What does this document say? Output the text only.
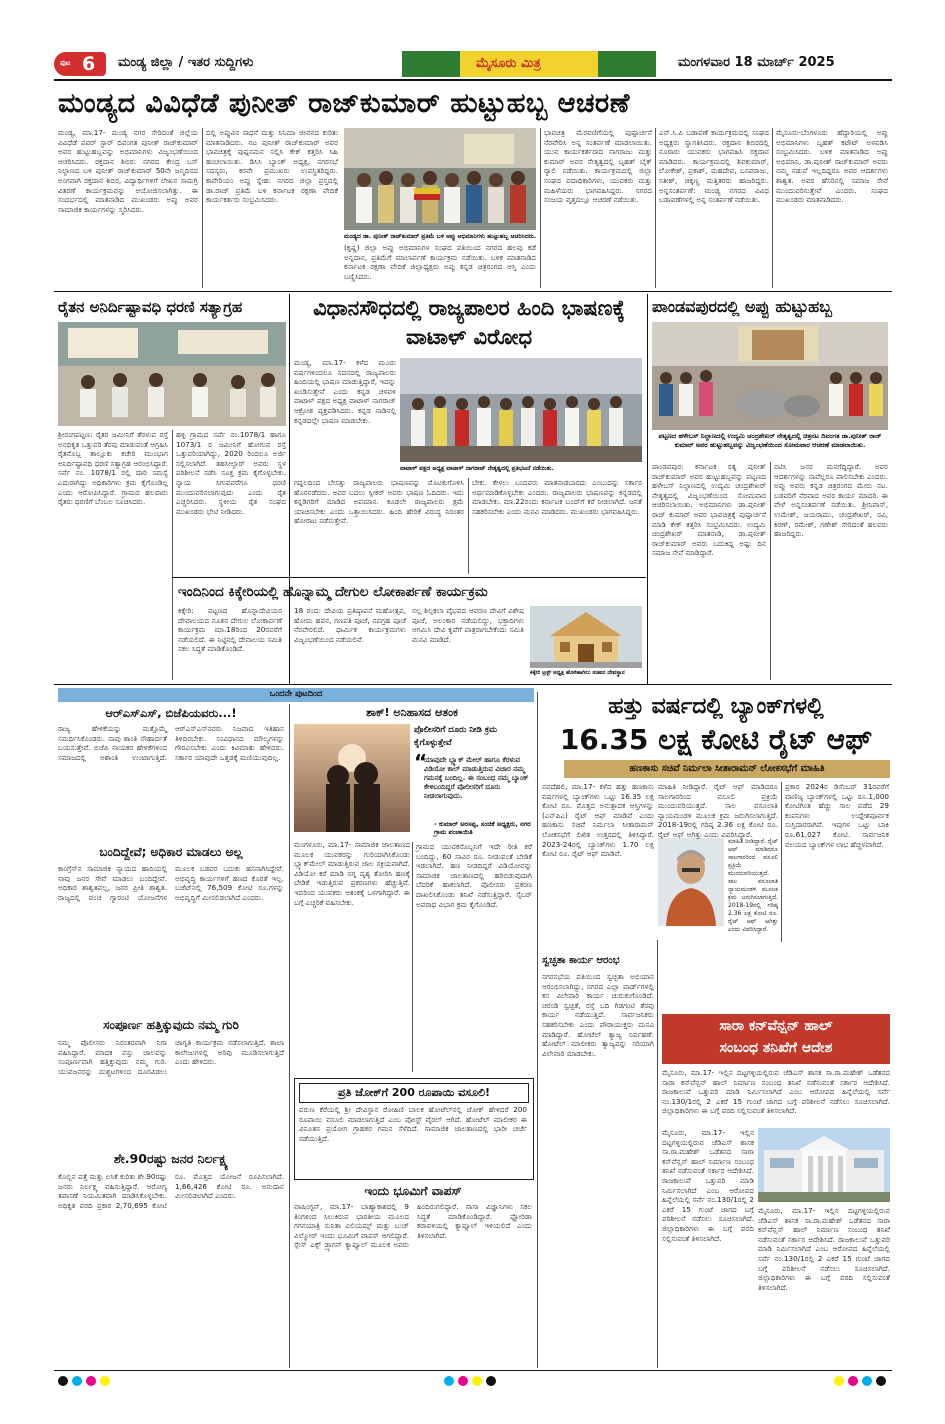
ಪುಟ 6 ಮಂಡ್ಯ ಜಿಲ್ಲಾ / ಇತರ ಸುದ್ದಿಗಳು	ಮೈಸೂರು ಮಿತ್ರ	ಮಂಗಳವಾರ 18 ಮಾರ್ಚ್ 2025
ಮಂಡ್ಯದ ವಿವಿಧೆಡೆ ಪುನೀತ್ ರಾಜ್‌ಕುಮಾರ್ ಹುಟ್ಟುಹಬ್ಬ ಆಚರಣೆ
ಮಂಡ್ಯ, ಮಾ.17- ಮಂಡ್ಯ ನಗರ ಸೇರಿದಂತೆ ಜಿಲ್ಲೆಯ ವಿವಿಧೆಡೆ ಪವರ್ ಸ್ಟಾರ್ ದಿವಂಗತ ಪುನೀತ್ ರಾಜ್‌ಕುಮಾರ್ ಅವರ ಹುಟ್ಟುಹಬ್ಬವನ್ನು ಅಭಿಮಾನಿಗಳು ವಿಜೃಂಭಣೆಯಿಂದ ಆಚರಿಸಿದರು. ರಕ್ತದಾನ ಶಿಬಿರ: ನಗರದ ಕೇಂದ್ರ ಬಸ್ ನಿಲ್ದಾಣದ ಬಳಿ ಪುನೀತ್ ರಾಜ್‌ಕುಮಾರ್ 50ನೇ ಜನ್ಮದಿನದ ಅಂಗವಾಗಿ ರಕ್ತದಾನ ಶಿಬಿರ, ವಿದ್ಯಾರ್ಥಿಗಳಿಗೆ ಲೇಖನ ಸಾಮಗ್ರಿ ವಿತರಣೆ ಕಾರ್ಯಕ್ರಮವನ್ನು ಆಯೋಜಿಸಲಾಗಿತ್ತು. ಈ ಸಂದರ್ಭದಲ್ಲಿ ಮಾತನಾಡಿದ ಮುಖಂಡರು ಅಪ್ಪು ಅವರ ಸಾಮಾಜಿಕ ಕಾರ್ಯಗಳನ್ನು ಸ್ಮರಿಸಿದರು.
ದಲ್ಲಿ ಅಪ್ಪುವಿನ ಸಾಧನೆ ಮತ್ತು ಸಿನಿಮಾ ಜೀವನದ ಕುರಿತು ಮಾತನಾಡಿದರು. ನಟ ಪುನೀತ್ ರಾಜ್‌ಕುಮಾರ್ ಅವರ ಭಾವಚಿತ್ರಕ್ಕೆ ಪುಷ್ಪನಮನ ಸಲ್ಲಿಸಿ ಕೇಕ್ ಕತ್ತರಿಸಿ ಸಿಹಿ ಹಂಚಲಾಯಿತು. ಡಿಸಿಸಿ ಬ್ಯಾಂಕ್ ಅಧ್ಯಕ್ಷ, ನಗರಸಭೆ ಸದಸ್ಯರು, ಕರವೇ ಪ್ರಮುಖರು ಉಪಸ್ಥಿತರಿದ್ದರು. ಕಾವೇರಿಯಂ ಅಪ್ಪು ಸ್ನೇಹ: ನಗರದ ಜಿಲ್ಲಾ ಪ್ರಸ್ತದಲ್ಲಿ ಡಾ.ರಾಜ್ ಪ್ರತಿಮೆ ಬಳಿ ಕರ್ನಾಟಕ ರಕ್ಷಣಾ ವೇದಿಕೆ ಕಾರ್ಯಕರ್ತರು ಸಂಭ್ರಮಿಸಿದರು.
ಮಂಡ್ಯದ ಡಾ. ಪುನೀತ್ ರಾಜ್‌ಕುಮಾರ್ ಪ್ರತಿಮೆ ಬಳಿ ಅಪ್ಪು ಅಭಿಮಾನಿಗಳು ಹುಟ್ಟುಹಬ್ಬ ಆಚರಿಸಿದರು.
(ಕೃಷ್ಣ) ಜಿಲ್ಲಾ ಅಪ್ಪು ಅಭಿಮಾನಿಗಳ ಸಂಘದ ವತಿಯಿಂದ ನಗರದ ಹಲವು ಕಡೆ ಅನ್ನದಾನ, ಪ್ರತಿಮೆಗೆ ಮಾಲಾರ್ಪಣೆ ಕಾರ್ಯಕ್ರಮ ನಡೆಯಿತು. ಬಳಿಕ ಮಾತನಾಡಿದ ಕರ್ನಾಟಕ ರಕ್ಷಣಾ ವೇದಿಕೆ ಜಿಲ್ಲಾಧ್ಯಕ್ಷರು ಅಪ್ಪು ಕನ್ನಡ ಚಿತ್ರರಂಗದ ಆಸ್ತಿ ಎಂದು ಬಣ್ಣಿಸಿದರು.
ಭಾವಚಿತ್ರ ಮೆರವಣಿಗೆಯಲ್ಲಿ ಪುಷ್ಪಾರ್ಚನೆ ನೆರವೇರಿಸಿ ಅನ್ನ ಸಂತರ್ಪಣೆ ಮಾಡಲಾಯಿತು. ಯುವ ಕಾರ್ಯಕರ್ತರಾದ ನಾಗರಾಜು ಮತ್ತು ಕುಮಾರ್ ಅವರ ನೇತೃತ್ವದಲ್ಲಿ ಬೃಹತ್ ಬೈಕ್ ರ್‍ಯಾಲಿ ನಡೆಯಿತು. ಕಾರ್ಯಕ್ರಮದಲ್ಲಿ ಜಿಲ್ಲಾ ಸಂಘದ ಪದಾಧಿಕಾರಿಗಳು, ಯುವಕರು ಮತ್ತು ಮಹಿಳೆಯರು ಭಾಗವಹಿಸಿದ್ದರು. ನಗರದ ಸಂಜಯ ವೃತ್ತದಲ್ಲೂ ಆಚರಣೆ ನಡೆಯಿತು.
ಎನ್.ಸಿ.ಪಿ ಬಡಾವಣೆ ಕಾರ್ಯಕ್ರಮದಲ್ಲಿ ಸಂಘದ ಅಧ್ಯಕ್ಷರು ಸ್ವಾಗತಿಸಿದರು. ರಕ್ತದಾನ ಶಿಬಿರದಲ್ಲಿ ನೂರಾರು ಯುವಕರು ಭಾಗವಹಿಸಿ ರಕ್ತದಾನ ಮಾಡಿದರು. ಕಾರ್ಯಕ್ರಮದಲ್ಲಿ ಶಿವಕುಮಾರ್, ಲೋಕೇಶ್, ಪ್ರಕಾಶ್, ಮಹದೇವ, ಬಸವರಾಜು, ಸತೀಶ್, ಚಿಕ್ಕಣ್ಣ ಮತ್ತಿತರರು ಹಾಜರಿದ್ದರು. ಅನ್ನಸಂತರ್ಪಣೆ: ಮಂಡ್ಯ ನಗರದ ವಿವಿಧ ಬಡಾವಣೆಗಳಲ್ಲಿ ಅನ್ನ ಸಂತರ್ಪಣೆ ನಡೆಯಿತು.
ಮೈಸೂರು-ಬೆಂಗಳೂರು ಹೆದ್ದಾರಿಯಲ್ಲಿ ಅಪ್ಪು ಅಭಿಮಾನಿಗಳು ಬೃಹತ್ ಕಟೌಟ್ ಅಳವಡಿಸಿ ಸಂಭ್ರಮಿಸಿದರು. ಬಳಿಕ ಮಾತನಾಡಿದ ಅಪ್ಪು ಅಭಿಮಾನಿ, ಡಾ.ಪುನೀತ್ ರಾಜ್‌ಕುಮಾರ್ ಅವರು ನಮ್ಮ ನಡುವೆ ಇಲ್ಲದಿದ್ದರೂ ಅವರ ಆದರ್ಶಗಳು ಶಾಶ್ವತ. ಅವರ ಹೆಸರಿನಲ್ಲಿ ಸಮಾಜ ಸೇವೆ ಮುಂದುವರಿಸುತ್ತೇವೆ ಎಂದರು. ಸಂಘದ ಮುಖಂಡರು ಮಾತನಾಡಿದರು.
ರೈತನ ಅನಿರ್ದಿಷ್ಟಾವಧಿ ಧರಣಿ ಸತ್ಯಾಗ್ರಹ
ಶ್ರೀರಂಗಪಟ್ಟಣ: ರೈತರ ಜಮೀನಿಗೆ ತೆರಳುವ ರಸ್ತೆ ಅನಧಿಕೃತ ಒತ್ತುವರಿ ತೆರವು ಮಾಡುವಂತೆ ಆಗ್ರಹಿಸಿ ರೈತನೊಬ್ಬ ತಾಲ್ಲೂಕು ಕಚೇರಿ ಮುಂಭಾಗ ಅನಿರ್ದಿಷ್ಟಾವಧಿ ಧರಣಿ ಸತ್ಯಾಗ್ರಹ ಆರಂಭಿಸಿದ್ದಾರೆ. ಸರ್ವೆ ನಂ. 1078/1 ರಲ್ಲಿ ದಾರಿ ಸಮಸ್ಯೆ ಎದುರಾಗಿದ್ದು ಅಧಿಕಾರಿಗಳು ಕ್ರಮ ಕೈಗೊಂಡಿಲ್ಲ ಎಂದು ಆರೋಪಿಸಿದ್ದಾರೆ. ಗ್ರಾಮದ ಹಲವಾರು ರೈತರು ಧರಣಿಗೆ ಬೆಂಬಲ ಸೂಚಿಸಿದರು.
ಹಳ್ಳಿ ಗ್ರಾಮದ ಸರ್ವೆ ನಂ.1078/1 ಹಾಗೂ 1073/1 ರ ಜಮೀನಿಗೆ ಹೋಗುವ ರಸ್ತೆ ಒತ್ತುವರಿಯಾಗಿದ್ದು, 2020 ರಿಂದಲೂ ಅರ್ಜಿ ಸಲ್ಲಿಸಲಾಗಿದೆ. ತಹಸೀಲ್ದಾರ್ ಅವರು ಸ್ಥಳ ಪರಿಶೀಲನೆ ನಡೆಸಿ ಸೂಕ್ತ ಕ್ರಮ ಕೈಗೊಳ್ಳಬೇಕು. ನ್ಯಾಯ ಸಿಗುವವರೆಗೂ ಧರಣಿ ಮುಂದುವರಿಸಲಾಗುವುದು ಎಂದು ರೈತ ಎಚ್ಚರಿಸಿದರು. ಸ್ಥಳೀಯ ರೈತ ಸಂಘದ ಮುಖಂಡರು ಭೇಟಿ ನೀಡಿದರು.
ವಿಧಾನಸೌಧದಲ್ಲಿ ರಾಜ್ಯಪಾಲರ ಹಿಂದಿ ಭಾಷಣಕ್ಕೆ ವಾಟಾಳ್ ವಿರೋಧ
ಮಂಡ್ಯ, ಮಾ.17- ಕಳೆದ ಮೂರು ವರ್ಷಗಳಿಂದಲೂ ಸದನದಲ್ಲಿ ರಾಜ್ಯಪಾಲರು ಹಿಂದಿಯಲ್ಲಿ ಭಾಷಣ ಮಾಡುತ್ತಿದ್ದಾರೆ, ಇದನ್ನು ಖಂಡಿಸುತ್ತೇವೆ ಎಂದು ಕನ್ನಡ ಚಳವಳಿ ವಾಟಾಳ್ ಪಕ್ಷದ ಅಧ್ಯಕ್ಷ ವಾಟಾಳ್ ನಾಗರಾಜ್ ಆಕ್ರೋಶ ವ್ಯಕ್ತಪಡಿಸಿದರು. ಕನ್ನಡ ನಾಡಿನಲ್ಲಿ ಕನ್ನಡದಲ್ಲೇ ಭಾಷಣ ಮಾಡಬೇಕು.
ವಾಟಾಳ್ ಪಕ್ಷದ ಅಧ್ಯಕ್ಷ ವಾಟಾಳ್ ನಾಗರಾಜ್ ನೇತೃತ್ವದಲ್ಲಿ ಪ್ರತಿಭಟನೆ ನಡೆಯಿತು.
ಗದ್ದಲದಿಂದ ಬೇಸತ್ತು ರಾಜ್ಯಪಾಲರು ಭಾಷಣವನ್ನು ಮೊಟಕುಗೊಳಿಸಿ ಹೊರನಡೆದರು. ಅವರ ಬದಲು ಸ್ಪೀಕರ್ ಅವರು ಭಾಷಣ ಓದಿದರು. ಇದು ಕನ್ನಡಿಗರಿಗೆ ಮಾಡಿದ ಅಪಮಾನ. ಕೂಡಲೇ ರಾಜ್ಯಪಾಲರು ಕ್ಷಮೆ ಯಾಚಿಸಬೇಕು ಎಂದು ಒತ್ತಾಯಿಸಿದರು. ಹಿಂದಿ ಹೇರಿಕೆ ವಿರುದ್ಧ ನಿರಂತರ ಹೋರಾಟ ನಡೆಸುತ್ತೇವೆ.
ಬೇಕು. ಕೇಳಲು ಬಂದವರು ಮಾತನಾಡಬಾರದು ಎಂಬುದನ್ನು ಸರ್ಕಾರ ಅರ್ಥಮಾಡಿಕೊಳ್ಳಬೇಕು ಎಂದರು. ರಾಜ್ಯಪಾಲರು ಭಾಷಣವನ್ನು ಕನ್ನಡದಲ್ಲಿ ಮಾಡಬೇಕು. ಮಾ.22ರಂದು ಕರ್ನಾಟಕ ಬಂದ್‌ಗೆ ಕರೆ ನೀಡಲಾಗಿದೆ. ಜನತೆ ಸಹಕರಿಸಬೇಕು ಎಂದು ಮನವಿ ಮಾಡಿದರು. ಮುಖಂಡರು ಭಾಗವಹಿಸಿದ್ದರು.
ಪಾಂಡವಪುರದಲ್ಲಿ ಅಪ್ಪು ಹುಟ್ಟುಹಬ್ಬ
ಪಟ್ಟಣದ ಹಳೇಬಸ್ ನಿಲ್ದಾಣದಲ್ಲಿ ಉದ್ಯಮಿ ಚಂದ್ರಶೇಖರ್ ನೇತೃತ್ವದಲ್ಲಿ ಚಿತ್ರನಟ ದಿವಂಗತ ಡಾ.ಪುನೀತ್ ರಾಜ್ ಕುಮಾರ್ ಅವರ ಹುಟ್ಟುಹಬ್ಬವನ್ನು ವಿಜೃಂಭಣೆಯಿಂದ ಸೋಮವಾರ ಆಚರಣೆ ಮಾಡಲಾಯಿತು.
ಪಾಂಡವಪುರ: ಕರ್ನಾಟಕ ರತ್ನ ಪುನೀತ್ ರಾಜ್‌ಕುಮಾರ್ ಅವರ ಹುಟ್ಟುಹಬ್ಬವನ್ನು ಪಟ್ಟಣದ ಹಳೇಬಸ್ ನಿಲ್ದಾಣದಲ್ಲಿ ಉದ್ಯಮಿ ಚಂದ್ರಶೇಖರ್ ನೇತೃತ್ವದಲ್ಲಿ ವಿಜೃಂಭಣೆಯಿಂದ ಸೋಮವಾರ ಆಚರಿಸಲಾಯಿತು. ಅಭಿಮಾನಿಗಳು ಡಾ.ಪುನೀತ್ ರಾಜ್ ಕುಮಾರ್ ಅವರ ಭಾವಚಿತ್ರಕ್ಕೆ ಪುಷ್ಪಾರ್ಚನೆ ಮಾಡಿ ಕೇಕ್ ಕತ್ತರಿಸಿ ಸಂಭ್ರಮಿಸಿದರು. ಉದ್ಯಮಿ ಚಂದ್ರಶೇಖರ್ ಮಾತನಾಡಿ, ಡಾ.ಪುನೀತ್ ರಾಜ್‌ಕುಮಾರ್ ಅವರು ಬದುಕಿದ್ದ ಅಷ್ಟು ದಿನ ಸಮಾಜ ಸೇವೆ ಮಾಡಿದ್ದಾರೆ.
ನಟಿಸಿ ಜನರ ಮನಗೆದ್ದಿದ್ದಾರೆ. ಅವರ ಆದರ್ಶಗಳನ್ನು ನಾವೆಲ್ಲರೂ ಪಾಲಿಸಬೇಕು ಎಂದರು. ಅಪ್ಪು ಅವರು ಕನ್ನಡ ಚಿತ್ರರಂಗದ ಮೇರು ನಟ. ಬಡವರಿಗೆ ನೆರವಾದ ಅವರ ಕಾರ್ಯ ಮಾದರಿ. ಈ ವೇಳೆ ಅನ್ನಸಂತರ್ಪಣೆ ನಡೆಯಿತು. ಶ್ರೀನಿವಾಸ್, ಉಮೇಶ್, ಜಯರಾಮು, ಚಂದ್ರಶೇಖರ್, ರವಿ, ಕಿರಣ್, ರಮೇಶ್, ಗಣೇಶ್ ಸೇರಿದಂತೆ ಹಲವರು ಹಾಜರಿದ್ದರು.
ಇಂದಿನಿಂದ ಕಿಕ್ಕೇರಿಯಲ್ಲಿ ಹೊನ್ನಾಮ್ಮ ದೇಗುಲ ಲೋಕಾರ್ಪಣೆ ಕಾರ್ಯಕ್ರಮ
ಕಿಕ್ಕೇರಿ: ಪಟ್ಟಣದ ಹೊನ್ನಾದೇವಿಯರ ದೇವಾಲಯದ ನೂತನ ದೇಗುಲ ಲೋಕಾರ್ಪಣೆ ಕಾರ್ಯಕ್ರಮ ಮಾ.18ರಿಂದ 20ರವರೆಗೆ ನಡೆಯಲಿದೆ. ಈ ನಿಟ್ಟಿನಲ್ಲಿ ದೇವಾಲಯ ಸಮಿತಿ ಸಕಲ ಸಿದ್ಧತೆ ಮಾಡಿಕೊಂಡಿದೆ.
18 ರಂದು ದೇವಿಯ ಪ್ರತಿಷ್ಠಾಪನೆ ಮಹೋತ್ಸವ, ಹೋಮ ಹವನ, ಗಣಪತಿ ಪೂಜೆ, ನವಗ್ರಹ ಪೂಜೆ ನೆರವೇರಲಿದೆ. ಧಾರ್ಮಿಕ ಕಾರ್ಯಕ್ರಮಗಳು ವಿಜೃಂಭಣೆಯಿಂದ ನಡೆಯಲಿವೆ.
ನಲ್ಲ ಶಿಲ್ಪಕಲಾ ವೈಭವದ ಆವರಣ ದೇವಿಗೆ ವಿಶೇಷ ಪೂಜೆ, ಅಲಂಕಾರ ನಡೆಯಲಿದ್ದು, ಭಕ್ತಾದಿಗಳು ಆಗಮಿಸಿ ದೇವಿ ಕೃಪೆಗೆ ಪಾತ್ರರಾಗಬೇಕೆಂದು ಸಮಿತಿ ಮನವಿ ಮಾಡಿದೆ.
ಕಿಕ್ಕೇರಿ ಟ್ರಸ್ಟ್ ಅಧ್ಯಕ್ಷ ಹೊಳಿಹಾಗಿಲು ಸಚಿವರ ದೇವಸ್ಥಾನ
ಒಂದನೇ ಪುಟದಿಂದ
ಆರ್‌ಎಸ್‌ಎಸ್, ಬಿಜೆಪಿಯವರು...!
ರಾಜ್ಯ ಹೇಳಿಕೆಯನ್ನು ಮತ್ತೊಮ್ಮೆ ಸಮರ್ಥಿಸಿಕೊಂಡರು. ನಾವು ಶಾಂತಿ ಸೌಹಾರ್ದತೆ ಬಯಸುತ್ತೇವೆ. ಬಿಜೆಪಿ ನಾಯಕರ ಹೇಳಿಕೆಗಳಿಂದ ಸಮಾಜದಲ್ಲಿ ಅಶಾಂತಿ ಉಂಟಾಗುತ್ತಿದೆ. ಆರ್‌ಎಸ್‌ಎಸ್‌ನವರು ನಿಜವಾದ ಇತಿಹಾಸ ತಿಳಿದಿರಬೇಕು. ಸಂವಿಧಾನದ ಮೌಲ್ಯಗಳನ್ನು ಗೌರವಿಸಬೇಕು ಎಂದು ಕಿವಿಮಾತು ಹೇಳಿದರು. ಸರ್ಕಾರ ಯಾವುದೇ ಒತ್ತಡಕ್ಕೆ ಮಣಿಯುವುದಿಲ್ಲ.
ಬಂದಿದ್ದೇವೆ; ಅಧಿಕಾರ ಮಾಡಲು ಅಲ್ಲ
ಕಾಂಗ್ರೆಸ್‌ನ ಸಾಮಾಜಿಕ ನ್ಯಾಯದ ಹಾದಿಯಲ್ಲಿ ನಾವು ಜನರ ಸೇವೆ ಮಾಡಲು ಬಂದಿದ್ದೇವೆ. ಅಧಿಕಾರ ಶಾಶ್ವತವಲ್ಲ, ಜನರ ಪ್ರೀತಿ ಶಾಶ್ವತ. ರಾಜ್ಯದಲ್ಲಿ ಪಂಚ ಗ್ಯಾರಂಟಿ ಯೋಜನೆಗಳ ಮೂಲಕ ಬಡವರ ಬದುಕು ಹಸನಾಗಿಸಿದ್ದೇವೆ. ಅಭಿವೃದ್ಧಿ ಕಾರ್ಯಗಳಿಗೆ ಹಣದ ಕೊರತೆ ಇಲ್ಲ. ಬಜೆಟ್‌ನಲ್ಲಿ 76,509 ಕೋಟಿ ರೂ.ಗಳನ್ನು ಅಭಿವೃದ್ಧಿಗೆ ಮೀಸಲಿಡಲಾಗಿದೆ ಎಂದರು.
ಸಂಪೂರ್ಣ ಹತ್ತಿಕ್ಕುವುದು ನಮ್ಮ ಗುರಿ
ನಮ್ಮ ಪೊಲೀಸರು ನಿರಂತರವಾಗಿ ನಿಗಾ ವಹಿಸಿದ್ದಾರೆ. ಮಾದಕ ವಸ್ತು ಜಾಲವನ್ನು ಸಂಪೂರ್ಣವಾಗಿ ಹತ್ತಿಕ್ಕುವುದು ನಮ್ಮ ಗುರಿ. ಯುವಜನರನ್ನು ದುಶ್ಚಟಗಳಿಂದ ದೂರವಿಡಲು ಜಾಗೃತಿ ಕಾರ್ಯಕ್ರಮ ನಡೆಸಲಾಗುತ್ತಿದೆ. ಶಾಲಾ ಕಾಲೇಜುಗಳಲ್ಲಿ ಅರಿವು ಮೂಡಿಸಲಾಗುತ್ತಿದೆ ಎಂದು ಹೇಳಿದರು.
ಶೇ.90ರಷ್ಟು ಜನರ ನಿರ್ಲಕ್ಷ್ಯ
ಕೊಬ್ಬಿನ ಪತ್ತೆ ಮತ್ತು ಲಸಿಕೆ ಕುರಿತು ಶೇ.90ರಷ್ಟು ಜನರು ನಿರ್ಲಕ್ಷ್ಯ ವಹಿಸುತ್ತಿದ್ದಾರೆ. ಆರೋಗ್ಯ ತಪಾಸಣೆ ನಿಯಮಿತವಾಗಿ ಮಾಡಿಸಿಕೊಳ್ಳಬೇಕು. ಅಧಿಕೃತ ವರದಿ ಪ್ರಕಾರ 2,70,695 ಕೋಟಿ ರೂ. ಮೊತ್ತದ ಯೋಜನೆ ರೂಪಿಸಲಾಗಿದೆ. 1,66,426 ಕೋಟಿ ರೂ. ಅನುದಾನ ಮೀಸಲಿಡಲಾಗಿದೆ ಎಂದರು.
ಶಾಕ್! ಅನಿಹಾಸದ ಆತಂಕ
ಪೊಲೀಸರಿಗೆ ದೂರು ನೀಡಿ ಕ್ರಮ ಕೈಗೊಳ್ಳುತ್ತೇವೆ
“
ಯಾವುದೇ ಬ್ಲ್ಯಾಕ್ ಮೇಲ್ ಹಾಗೂ ಕೆರಳುವ ವಿಡಿಯೋ ಕಾಲ್ ಮಾಡುತ್ತಿರುವ ವಿಚಾರ ನಮ್ಮ ಗಮನಕ್ಕೆ ಬಂದಿಲ್ಲ. ಈ ಸಂಬಂಧ ನಮ್ಮ ಬ್ಯಾಂಕ್ ಕೇಳಿಬಂದಿದ್ದರೆ ಪೊಲೀಸರಿಗೆ ದೂರು ನೀಡಲಾಗುವುದು.
- ಕುಮಾರ್ ಅರಸಪ್ಪ, ಸಂಚಿಕೆ ಅಧ್ಯಕ್ಷರು, ನಗರ ಗ್ರಾಮ ಪಂಚಾಯಿತಿ
ಮಂಗಳೂರು, ಮಾ.17- ಸಾಮಾಜಿಕ ಜಾಲತಾಣದ ಮೂಲಕ ಯುವಕರನ್ನು ಗುರಿಯಾಗಿಸಿಕೊಂಡು ಬ್ಲ್ಯಾಕ್‌ಮೇಲ್ ಮಾಡುತ್ತಿರುವ ಜಾಲ ಸಕ್ರಿಯವಾಗಿದೆ. ವಿಡಿಯೋ ಕರೆ ಮಾಡಿ ನಗ್ನ ದೃಶ್ಯ ತೋರಿಸಿ ಹಣಕ್ಕೆ ಬೇಡಿಕೆ ಇಡುತ್ತಿರುವ ಪ್ರಕರಣಗಳು ಹೆಚ್ಚುತ್ತಿವೆ. ಇದರಿಂದ ಯುವಕರು ಆತಂಕಕ್ಕೆ ಒಳಗಾಗಿದ್ದಾರೆ. ಈ ಬಗ್ಗೆ ಎಚ್ಚರಿಕೆ ವಹಿಸಬೇಕು.
ಗ್ರಾಮದ ಯುವಕನೊಬ್ಬನಿಗೆ ಇದೇ ರೀತಿ ಕರೆ ಬಂದಿದ್ದು, 60 ಸಾವಿರ ರೂ. ನೀಡುವಂತೆ ಬೇಡಿಕೆ ಇಡಲಾಗಿದೆ. ಹಣ ನೀಡದಿದ್ದರೆ ವಿಡಿಯೋವನ್ನು ಸಾಮಾಜಿಕ ಜಾಲತಾಣದಲ್ಲಿ ಹರಿಬಿಡುವುದಾಗಿ ಬೆದರಿಕೆ ಹಾಕಲಾಗಿದೆ. ಪೊಲೀಸರು ಪ್ರಕರಣ ದಾಖಲಿಸಿಕೊಂಡು ತನಿಖೆ ನಡೆಸುತ್ತಿದ್ದಾರೆ. ಸೈಬರ್ ಅಪರಾಧ ವಿಭಾಗ ಕ್ರಮ ಕೈಗೊಂಡಿದೆ.
ಪ್ರತಿ ಜೋಕ್‌ಗೆ 200 ರೂಪಾಯಿ ವಸೂಲಿ!
ವರುಣ ಕೆರೆಯಲ್ಲಿ ಶ್ರೀ ದೇವಿಸ್ಥಾನ ರೋಹಿಣಿ ಬಾಲಕ ಹೋಟೆಲ್‌ನಲ್ಲಿ ಜೋಕ್ ಹೇಳಿದರೆ 200 ರೂಪಾಯಿ ವಸೂಲಿ ಮಾಡಲಾಗುತ್ತಿದೆ ಎಂಬ ಪೋಸ್ಟ್ ವೈರಲ್ ಆಗಿದೆ. ಹೋಟೆಲ್ ಮಾಲೀಕರ ಈ ವಿನೂತನ ಪ್ರಯೋಗ ಗ್ರಾಹಕರ ಗಮನ ಸೆಳೆದಿದೆ. ಸಾಮಾಜಿಕ ಜಾಲತಾಣದಲ್ಲಿ ಭಾರೀ ಚರ್ಚೆ ನಡೆಯುತ್ತಿದೆ.
ಇಂದು ಭೂಮಿಗೆ ವಾಪಸ್
ವಾಷಿಂಗ್ಟನ್, ಮಾ.17- ಬಾಹ್ಯಾಕಾಶದಲ್ಲಿ 9 ತಿಂಗಳಿಂದ ಸಿಲುಕಿರುವ ಭಾರತೀಯ ಮೂಲದ ಗಗನಯಾತ್ರಿ ಸುನಿತಾ ವಿಲಿಯಮ್ಸ್ ಮತ್ತು ಬುಚ್ ವಿಲ್ಮೋರ್ ಇಂದು ಭೂಮಿಗೆ ವಾಪಸ್ ಆಗಲಿದ್ದಾರೆ. ಸ್ಪೇಸ್ ಎಕ್ಸ್ ಡ್ರ್ಯಾಗನ್ ಕ್ಯಾಪ್ಸೂಲ್ ಮೂಲಕ ಅವರು ಹಿಂದಿರುಗಲಿದ್ದಾರೆ. ನಾಸಾ ವಿಜ್ಞಾನಿಗಳು ಸಕಲ ಸಿದ್ಧತೆ ಮಾಡಿಕೊಂಡಿದ್ದಾರೆ. ಫ್ಲೋರಿಡಾ ಕರಾವಳಿಯಲ್ಲಿ ಕ್ಯಾಪ್ಸೂಲ್ ಇಳಿಯಲಿದೆ ಎಂದು ತಿಳಿಸಲಾಗಿದೆ.
ಹತ್ತು ವರ್ಷದಲ್ಲಿ ಬ್ಯಾಂಕ್‌ಗಳಲ್ಲಿ
16.35 ಲಕ್ಷ ಕೋಟಿ ರೈಟ್ ಆಫ್
ಹಣಕಾಸು ಸಚಿವೆ ನಿರ್ಮಲಾ ಸೀತಾರಾಮನ್ ಲೋಕಸಭೆಗೆ ಮಾಹಿತಿ
ನವದೆಹಲಿ, ಮಾ.17- ಕಳೆದ ಹತ್ತು ಹಣಕಾಸು ವರ್ಷಗಳಲ್ಲಿ ಬ್ಯಾಂಕ್‌ಗಳು ಒಟ್ಟು 16.35 ಲಕ್ಷ ಕೋಟಿ ರೂ. ಮೊತ್ತದ ಅನುತ್ಪಾದಕ ಆಸ್ತಿಗಳನ್ನು (ಎನ್‌ಪಿಎ) ರೈಟ್ ಆಫ್ ಮಾಡಿವೆ ಎಂದು ಹಣಕಾಸು ಸಚಿವೆ ನಿರ್ಮಲಾ ಸೀತಾರಾಮನ್ ಲೋಕಸಭೆಗೆ ಲಿಖಿತ ಉತ್ತರದಲ್ಲಿ ತಿಳಿಸಿದ್ದಾರೆ. 2023-24ರಲ್ಲಿ ಬ್ಯಾಂಕ್‌ಗಳು 1.70 ಲಕ್ಷ ಕೋಟಿ ರೂ. ರೈಟ್ ಆಫ್ ಮಾಡಿವೆ.
ಮಾಹಿತಿ ನೀಡಿದ್ದಾರೆ. ರೈಟ್ ಆಫ್ ಮಾಡಿದರೂ ಸಾಲಗಾರರಿಂದ ವಸೂಲಿ ಪ್ರಕ್ರಿಯೆ ಮುಂದುವರಿಯುತ್ತದೆ. ಸಾಲ ವಸೂಲಾತಿ ನ್ಯಾಯಮಂಡಳಿ ಮೂಲಕ ಕ್ರಮ ಜರುಗಿಸಲಾಗುತ್ತಿದೆ. 2018-19ರಲ್ಲಿ ಗರಿಷ್ಠ 2.36 ಲಕ್ಷ ಕೋಟಿ ರೂ. ರೈಟ್ ಆಫ್ ಆಗಿತ್ತು ಎಂದು ವಿವರಿಸಿದ್ದಾರೆ.
ಮಾಹಿತಿ ನೀಡಿದ್ದಾರೆ. ರೈಟ್ ಆಫ್ ಮಾಡಿದರೂ ಸಾಲಗಾರರಿಂದ ವಸೂಲಿ ಪ್ರಕ್ರಿಯೆ ಮುಂದುವರಿಯುತ್ತದೆ. ಸಾಲ ವಸೂಲಾತಿ ನ್ಯಾಯಮಂಡಳಿ ಮೂಲಕ ಕ್ರಮ ಜರುಗಿಸಲಾಗುತ್ತಿದೆ. 2018-19ರಲ್ಲಿ ಗರಿಷ್ಠ 2.36 ಲಕ್ಷ ಕೋಟಿ ರೂ. ರೈಟ್ ಆಫ್ ಆಗಿತ್ತು ಎಂದು ವಿವರಿಸಿದ್ದಾರೆ.
ಪ್ರಕಾರ 2024ರ ಡಿಸೆಂಬರ್ 31ರವರೆಗೆ ವಾಣಿಜ್ಯ ಬ್ಯಾಂಕ್‌ಗಳಲ್ಲಿ ಒಟ್ಟು ರೂ.1,000 ಕೋಟಿಗಿಂತ ಹೆಚ್ಚು ಸಾಲ ಪಡೆದ 29 ಕಂಪನಿಗಳು ಉದ್ದೇಶಪೂರ್ವಕ ಸುಸ್ತಿದಾರರಾಗಿವೆ. ಇವುಗಳ ಒಟ್ಟು ಬಾಕಿ ರೂ.61,027 ಕೋಟಿ. ಸಾರ್ವಜನಿಕ ವಲಯದ ಬ್ಯಾಂಕ್‌ಗಳ ಲಾಭ ಹೆಚ್ಚಳವಾಗಿದೆ.
ಸ್ವಚ್ಛತಾ ಕಾರ್ಯ ಆರಂಭ
ನಗರಸಭೆಯ ವತಿಯಿಂದ ಸ್ವಚ್ಛತಾ ಅಭಿಯಾನ ಆರಂಭಿಸಲಾಗಿದ್ದು, ನಗರದ ಎಲ್ಲಾ ವಾರ್ಡ್‌ಗಳಲ್ಲಿ ಕಸ ವಿಲೇವಾರಿ ಕಾರ್ಯ ಚುರುಕುಗೊಂಡಿದೆ. ಚರಂಡಿ ಸ್ವಚ್ಛತೆ, ರಸ್ತೆ ಬದಿ ಗಿಡಗಂಟಿ ತೆರವು ಕಾರ್ಯ ನಡೆಯುತ್ತಿದೆ. ಸಾರ್ವಜನಿಕರು ಸಹಕರಿಸಬೇಕು ಎಂದು ಪೌರಾಯುಕ್ತರು ಮನವಿ ಮಾಡಿದ್ದಾರೆ. ಹೋಟೆಲ್ ತ್ಯಾಜ್ಯ ನಿರ್ವಹಣೆ: ಹೋಟೆಲ್ ಮಾಲೀಕರು ತ್ಯಾಜ್ಯವನ್ನು ಸರಿಯಾಗಿ ವಿಲೇವಾರಿ ಮಾಡಬೇಕು.
ಸಾರಾ ಕನ್‌ವೆನ್ಷನ್ ಹಾಲ್
ಸಂಬಂಧ ತನಿಖೆಗೆ ಆದೇಶ
ಮೈಸೂರು, ಮಾ.17- ಇಲ್ಲಿನ ದಟ್ಟಗಳ್ಳಿಯಲ್ಲಿರುವ ಜೆಡಿಎಸ್ ಶಾಸಕ ಸಾ.ರಾ.ಮಹೇಶ್ ಒಡೆತನದ ಸಾರಾ ಕನ್‌ವೆನ್ಷನ್ ಹಾಲ್ ನಿರ್ಮಾಣ ಸಂಬಂಧ ತನಿಖೆ ನಡೆಸುವಂತೆ ಸರ್ಕಾರ ಆದೇಶಿಸಿದೆ. ರಾಜಕಾಲುವೆ ಒತ್ತುವರಿ ಮಾಡಿ ನಿರ್ಮಿಸಲಾಗಿದೆ ಎಂಬ ಆರೋಪದ ಹಿನ್ನೆಲೆಯಲ್ಲಿ ಸರ್ವೆ ನಂ.130/1ರಲ್ಲಿ 2 ಎಕರೆ 15 ಗುಂಟೆ ಜಾಗದ ಬಗ್ಗೆ ಪರಿಶೀಲನೆ ನಡೆಸಲು ಸೂಚಿಸಲಾಗಿದೆ. ಜಿಲ್ಲಾಧಿಕಾರಿಗಳು ಈ ಬಗ್ಗೆ ವರದಿ ಸಲ್ಲಿಸುವಂತೆ ತಿಳಿಸಲಾಗಿದೆ.
ಮೈಸೂರು, ಮಾ.17- ಇಲ್ಲಿನ ದಟ್ಟಗಳ್ಳಿಯಲ್ಲಿರುವ ಜೆಡಿಎಸ್ ಶಾಸಕ ಸಾ.ರಾ.ಮಹೇಶ್ ಒಡೆತನದ ಸಾರಾ ಕನ್‌ವೆನ್ಷನ್ ಹಾಲ್ ನಿರ್ಮಾಣ ಸಂಬಂಧ ತನಿಖೆ ನಡೆಸುವಂತೆ ಸರ್ಕಾರ ಆದೇಶಿಸಿದೆ. ರಾಜಕಾಲುವೆ ಒತ್ತುವರಿ ಮಾಡಿ ನಿರ್ಮಿಸಲಾಗಿದೆ ಎಂಬ ಆರೋಪದ ಹಿನ್ನೆಲೆಯಲ್ಲಿ ಸರ್ವೆ ನಂ.130/1ರಲ್ಲಿ 2 ಎಕರೆ 15 ಗುಂಟೆ ಜಾಗದ ಬಗ್ಗೆ ಪರಿಶೀಲನೆ ನಡೆಸಲು ಸೂಚಿಸಲಾಗಿದೆ. ಜಿಲ್ಲಾಧಿಕಾರಿಗಳು ಈ ಬಗ್ಗೆ ವರದಿ ಸಲ್ಲಿಸುವಂತೆ ತಿಳಿಸಲಾಗಿದೆ.
ಮೈಸೂರು, ಮಾ.17- ಇಲ್ಲಿನ ದಟ್ಟಗಳ್ಳಿಯಲ್ಲಿರುವ ಜೆಡಿಎಸ್ ಶಾಸಕ ಸಾ.ರಾ.ಮಹೇಶ್ ಒಡೆತನದ ಸಾರಾ ಕನ್‌ವೆನ್ಷನ್ ಹಾಲ್ ನಿರ್ಮಾಣ ಸಂಬಂಧ ತನಿಖೆ ನಡೆಸುವಂತೆ ಸರ್ಕಾರ ಆದೇಶಿಸಿದೆ. ರಾಜಕಾಲುವೆ ಒತ್ತುವರಿ ಮಾಡಿ ನಿರ್ಮಿಸಲಾಗಿದೆ ಎಂಬ ಆರೋಪದ ಹಿನ್ನೆಲೆಯಲ್ಲಿ ಸರ್ವೆ ನಂ.130/1ರಲ್ಲಿ 2 ಎಕರೆ 15 ಗುಂಟೆ ಜಾಗದ ಬಗ್ಗೆ ಪರಿಶೀಲನೆ ನಡೆಸಲು ಸೂಚಿಸಲಾಗಿದೆ. ಜಿಲ್ಲಾಧಿಕಾರಿಗಳು ಈ ಬಗ್ಗೆ ವರದಿ ಸಲ್ಲಿಸುವಂತೆ ತಿಳಿಸಲಾಗಿದೆ.
